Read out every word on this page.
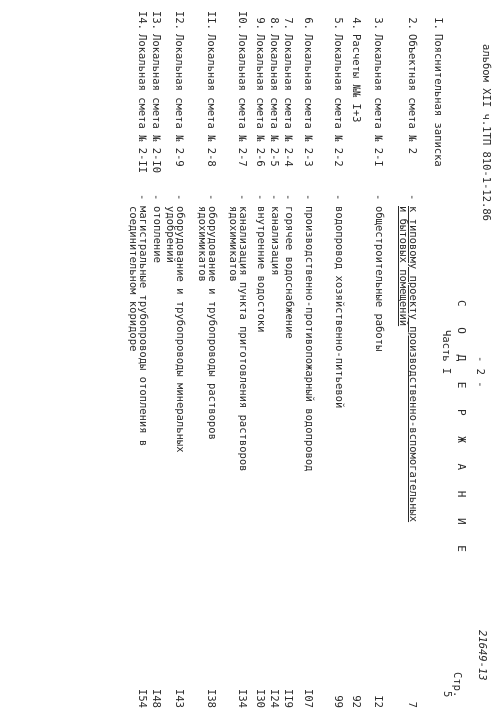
альбом XII ч.1ТП 810-1-12.86
- 2 -
21649-13
С О Д Е Р Ж А Н И Е
Часть I
Стр.
5
I.
Пояснительная записка
2.
Объектная смета № 2
-
к типовому проекту производственно-вспомогательных
и бытовых помещений
7
3.
Локальная смета № 2-I
-
общестроительные работы
I2
4.
Расчеты №№ I+3
92
5.
Локальная смета № 2-2
-
водопровод хозяйственно-питьевой
99
6.
Локальная смета № 2-3
-
производственно-противопожарный водопровод
I07
7.
Локальная смета № 2-4
-
горячее водоснабжение
II9
8.
Локальная смета № 2-5
-
канализация
I24
9.
Локальная смета № 2-6
-
внутренние водостоки
I30
I0.
Локальная смета № 2-7
-
канализация пункта приготовления растворов
ядохимикатов
I34
II.
Локальная смета № 2-8
-
оборудование и трубопроводы растворов
ядохимикатов
I38
I2.
Локальная смета № 2-9
-
оборудование и трубопроводы минеральных
удобрений
I43
I3.
Локальная смета № 2-I0
-
отопление
I48
I4.
Локальная смета № 2-II
-
магистральные трубопроводы отопления в
соединительном коридоре
I54
